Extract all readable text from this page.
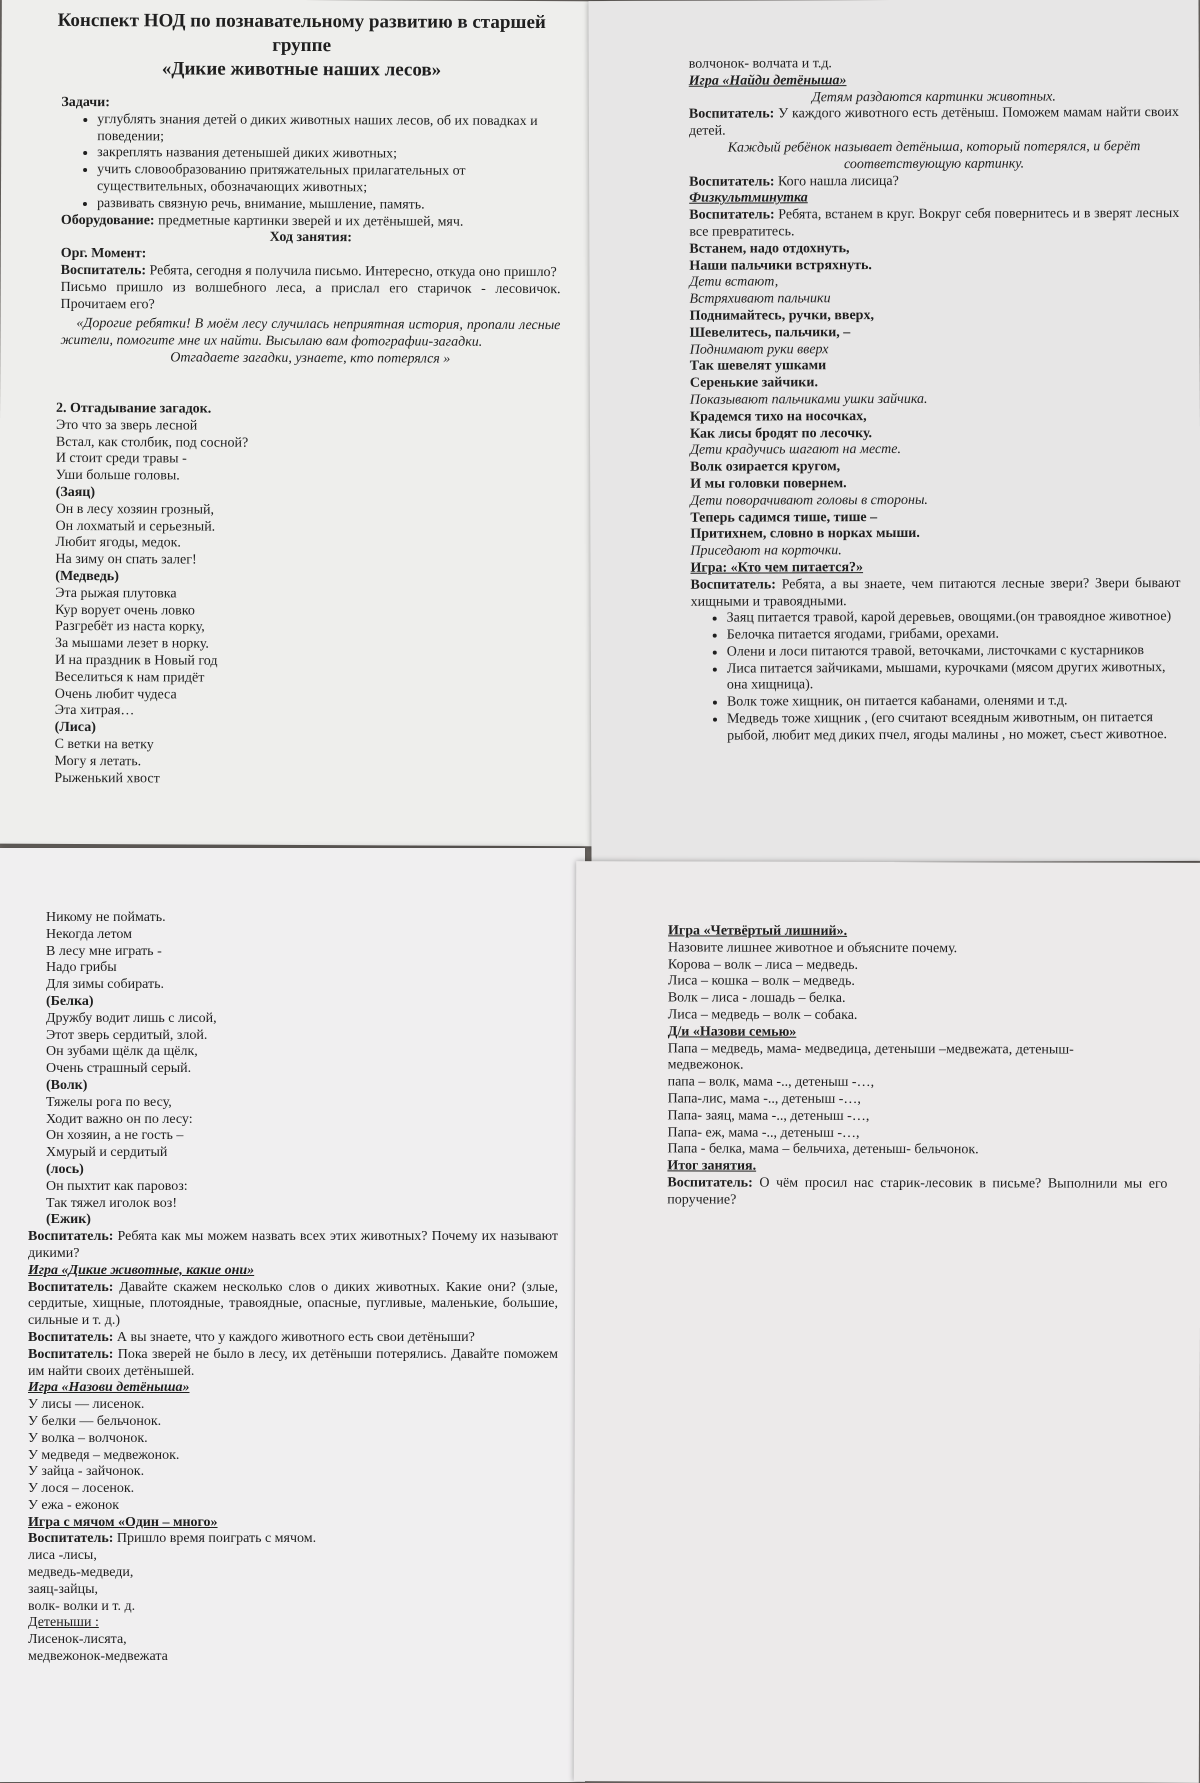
Конспект НОД по познавательному развитию в старшей

группе

«Дикие животные наших лесов»

Задачи:

• углублять знания детей о диких животных наших лесов, об их повадках и поведении;
• закреплять названия детенышей диких животных;
• учить словообразованию притяжательных прилагательных от существительных, обозначающих животных;
• развивать связную речь, внимание, мышление, память.

Оборудование: предметные картинки зверей и их детёнышей, мяч.

Ход занятия:

Орг. Момент:

Воспитатель: Ребята, сегодня я получила письмо. Интересно, откуда оно пришло?

Письмо пришло из волшебного леса, а прислал его старичок - лесовичок. Прочитаем его?

«Дорогие ребятки! В моём лесу случилась неприятная история, пропали лесные жители, помогите мне их найти. Высылаю вам фотографии-загадки.

Отгадаете загадки, узнаете, кто потерялся »

2. Отгадывание загадок.

Это что за зверь лесной

Встал, как столбик, под сосной?

И стоит среди травы -

Уши больше головы.

(Заяц)

Он в лесу хозяин грозный,

Он лохматый и серьезный.

Любит ягоды, медок.

На зиму он спать залег!

(Медведь)

Эта рыжая плутовка

Кур ворует очень ловко

Разгребёт из наста корку,

За мышами лезет в норку.

И на праздник в Новый год

Веселиться к нам придёт

Очень любит чудеса

Эта хитрая…

(Лиса)

С ветки на ветку

Могу я летать.

Рыженький хвост

волчонок- волчата и т.д.

Игра «Найди детёныша»

Детям раздаются картинки животных.

Воспитатель: У каждого животного есть детёныш. Поможем мамам найти своих детей.

Каждый ребёнок называет детёныша, который потерялся, и берёт соответствующую картинку.

Воспитатель: Кого нашла лисица?

Физкультминутка

Воспитатель: Ребята, встанем в круг. Вокруг себя повернитесь и в зверят лесных все превратитесь.

Встанем, надо отдохнуть,

Наши пальчики встряхнуть.

Дети встают,

Встряхивают пальчики

Поднимайтесь, ручки, вверх,

Шевелитесь, пальчики, –

Поднимают руки вверх

Так шевелят ушками

Серенькие зайчики.

Показывают пальчиками ушки зайчика.

Крадемся тихо на носочках,

Как лисы бродят по лесочку.

Дети крадучись шагают на месте.

Волк озирается кругом,

И мы головки повернем.

Дети поворачивают головы в стороны.

Теперь садимся тише, тише –

Притихнем, словно в норках мыши.

Приседают на корточки.

Игра: «Кто чем питается?»

Воспитатель: Ребята, а вы знаете, чем питаются лесные звери? Звери бывают хищными и травоядными.

• Заяц питается травой, карой деревьев, овощями.(он травоядное животное)
• Белочка питается ягодами, грибами, орехами.
• Олени и лоси питаются травой, веточками, листочками с кустарников
• Лиса питается зайчиками, мышами, курочками (мясом других животных, она хищница).
• Волк тоже хищник, он питается кабанами, оленями и т.д.
• Медведь тоже хищник , (его считают всеядным животным, он питается рыбой, любит мед диких пчел, ягоды малины , но может, съест животное.

Никому не поймать.

Некогда летом

В лесу мне играть -

Надо грибы

Для зимы собирать.

(Белка)

Дружбу водит лишь с лисой,

Этот зверь сердитый, злой.

Он зубами щёлк да щёлк,

Очень страшный серый.

(Волк)

Тяжелы рога по весу,

Ходит важно он по лесу:

Он хозяин, а не гость –

Хмурый и сердитый

(лось)

Он пыхтит как паровоз:

Так тяжел иголок воз!

(Ежик)

Воспитатель: Ребята как мы можем назвать всех этих животных? Почему их называют дикими?

Игра «Дикие животные, какие они»

Воспитатель: Давайте скажем несколько слов о диких животных. Какие они? (злые, сердитые, хищные, плотоядные, травоядные, опасные, пугливые, маленькие, большие, сильные и т. д.)

Воспитатель: А вы знаете, что у каждого животного есть свои детёныши?

Воспитатель: Пока зверей не было в лесу, их детёныши потерялись. Давайте поможем им найти своих детёнышей.

Игра «Назови детёныша»

У лисы — лисенок.

У белки — бельчонок.

У волка – волчонок.

У медведя – медвежонок.

У зайца - зайчонок.

У лося – лосенок.

У ежа - ежонок

Игра с мячом «Один – много»

Воспитатель: Пришло время поиграть с мячом.

лиса -лисы,

медведь-медведи,

заяц-зайцы,

волк- волки и т. д.

Детеныши :

Лисенок-лисята,

медвежонок-медвежата

Игра «Четвёртый лишний».

Назовите лишнее животное и объясните почему.

Корова – волк – лиса – медведь.

Лиса – кошка – волк – медведь.

Волк – лиса - лошадь – белка.

Лиса – медведь – волк – собака.

Д/и «Назови семью»

Папа – медведь, мама- медведица, детеныши –медвежата, детеныш-

медвежонок.

папа – волк, мама -.., детеныш -…,

Папа-лис, мама -.., детеныш -…,

Папа- заяц, мама -.., детеныш -…,

Папа- еж, мама -.., детеныш -…,

Папа - белка, мама – бельчиха, детеныш- бельчонок.

Итог занятия.

Воспитатель: О чём просил нас старик-лесовик в письме? Выполнили мы его поручение?
